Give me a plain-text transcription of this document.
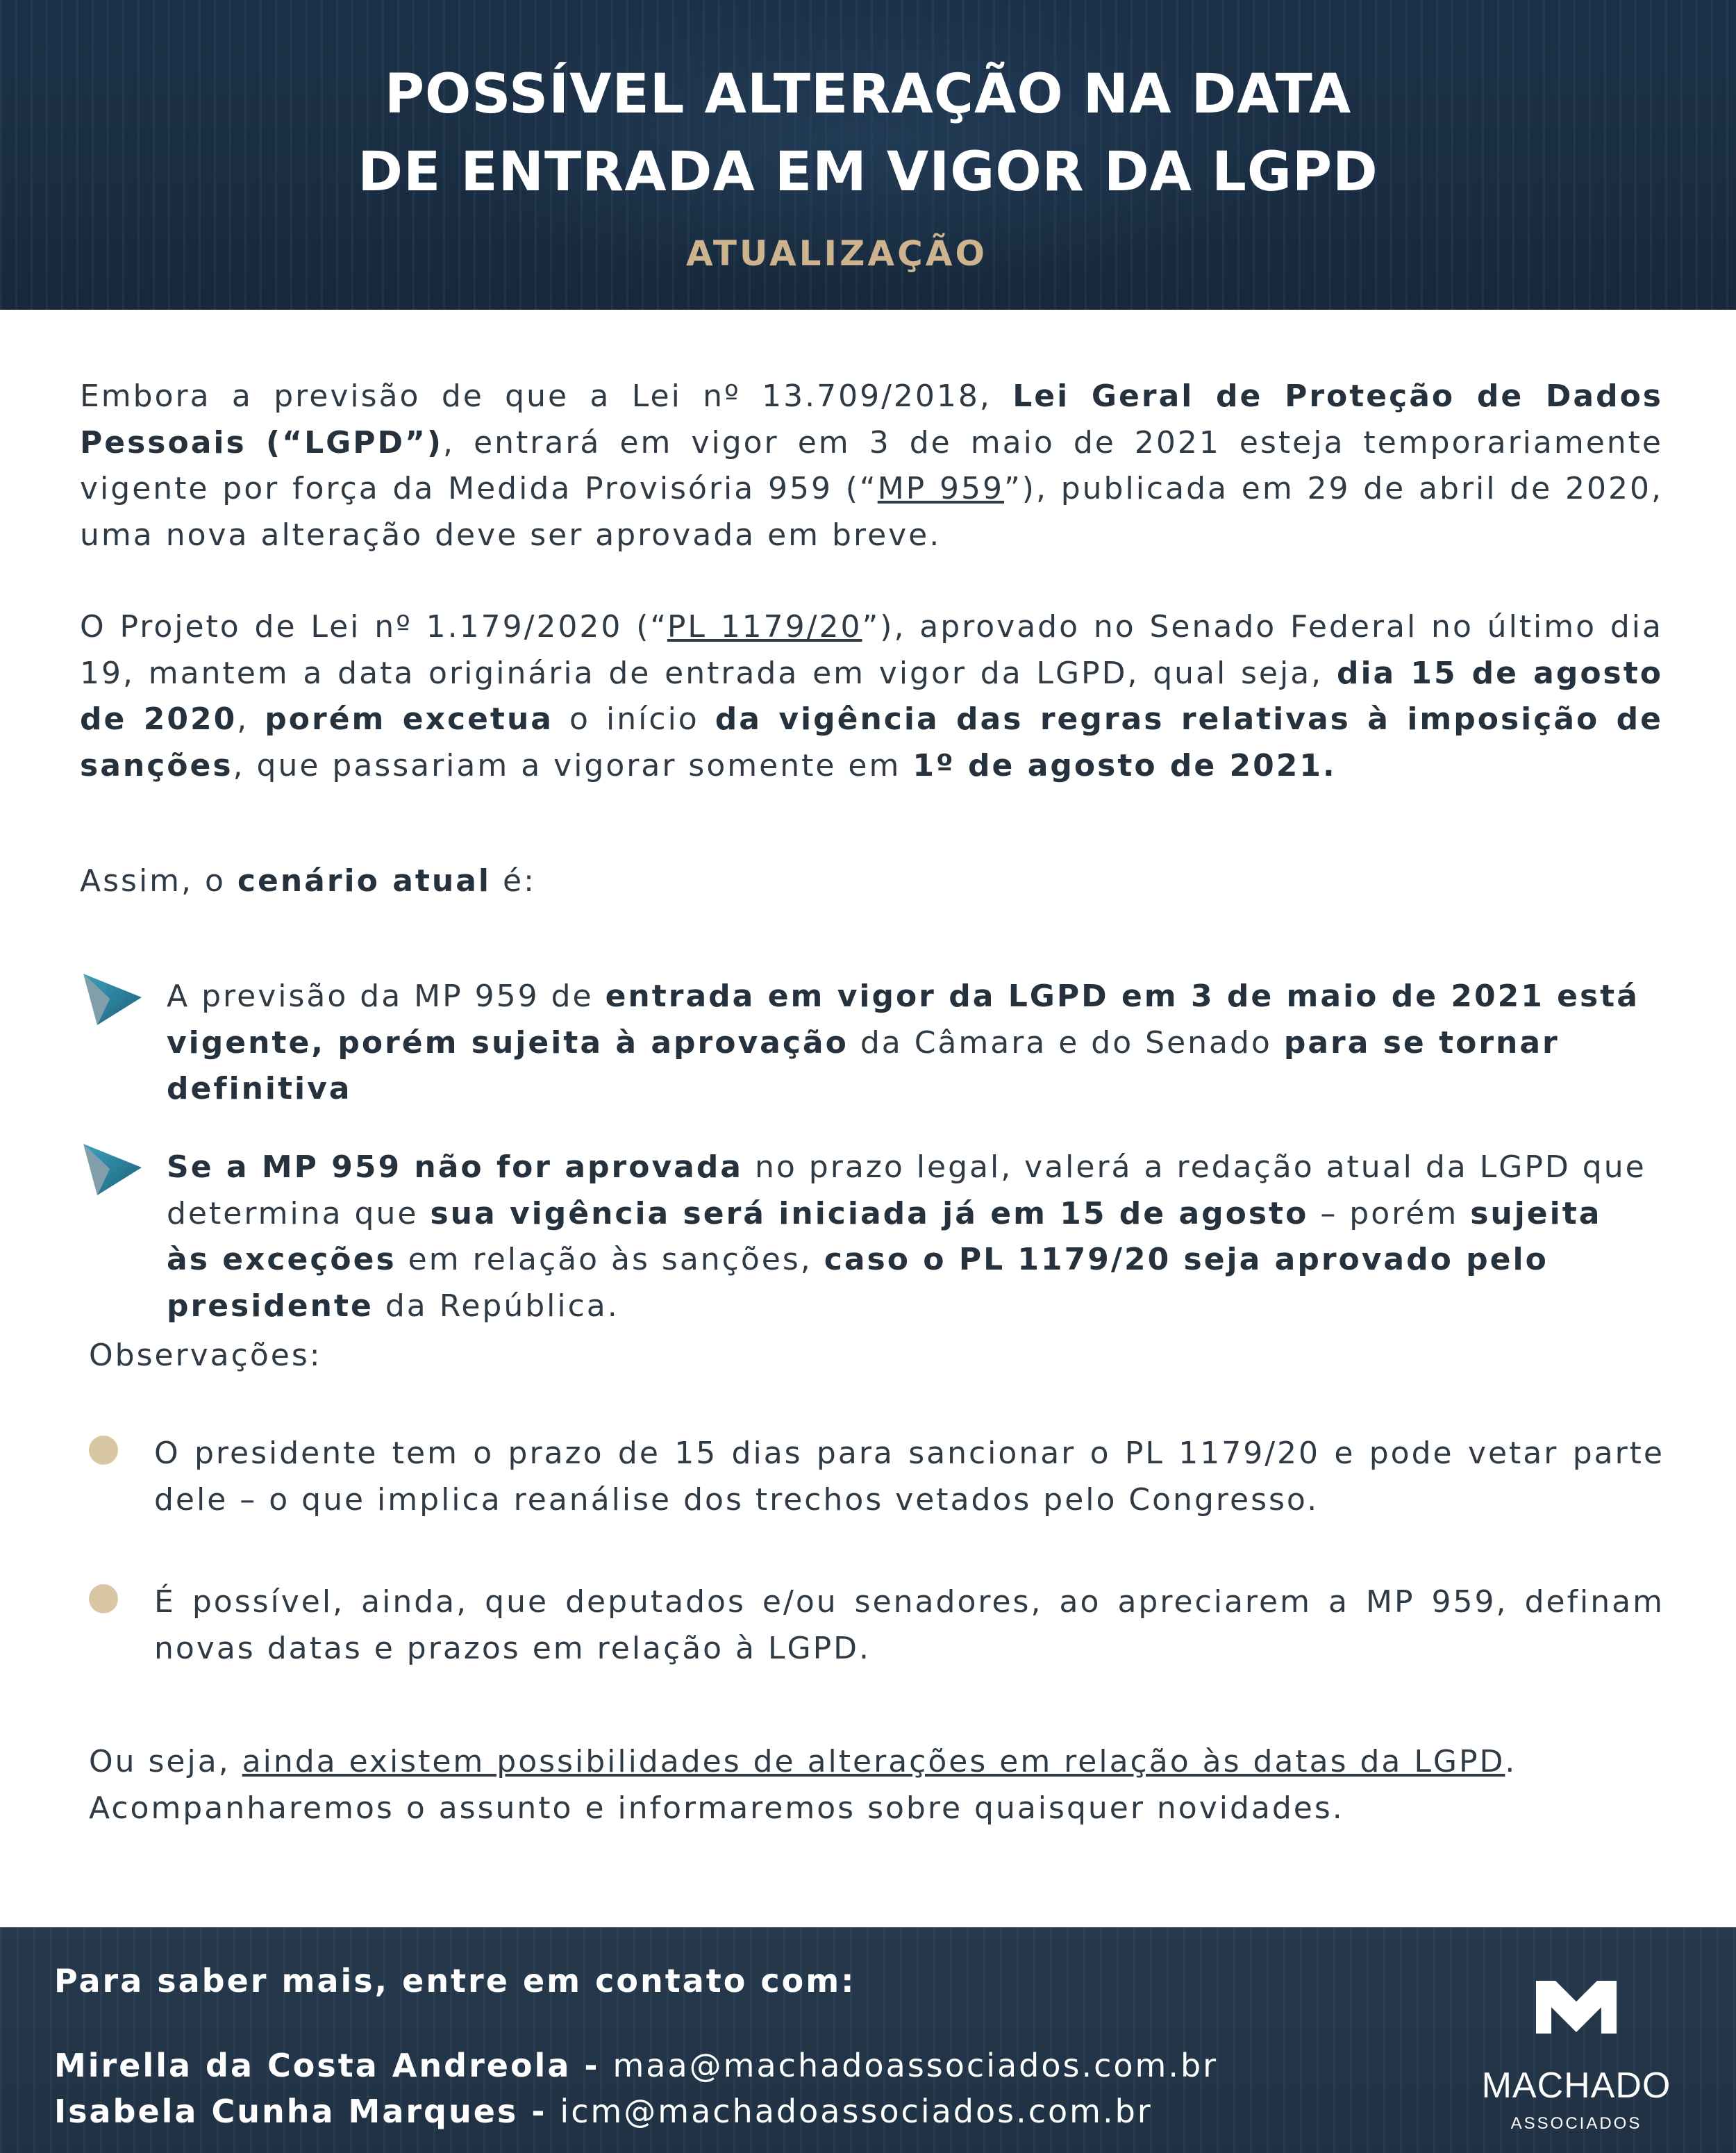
POSSÍVEL ALTERAÇÃO NA DATA
DE ENTRADA EM VIGOR DA LGPD
ATUALIZAÇÃO
Embora a previsão de que a Lei nº 13.709/2018, Lei Geral de Proteção de Dados Pessoais (“LGPD”), entrará em vigor em 3 de maio de 2021 esteja temporariamente vigente por força da Medida Provisória 959 (“MP 959”), publicada em 29 de abril de 2020, uma nova alteração deve ser aprovada em breve.
O Projeto de Lei nº 1.179/2020 (“PL 1179/20”), aprovado no Senado Federal no último dia 19, mantem a data originária de entrada em vigor da LGPD, qual seja, dia 15 de agosto de 2020, porém excetua o início da vigência das regras relativas à imposição de sanções, que passariam a vigorar somente em 1º de agosto de 2021.
Assim, o cenário atual é:
A previsão da MP 959 de entrada em vigor da LGPD em 3 de maio de 2021 está vigente, porém sujeita à aprovação da Câmara e do Senado para se tornar definitiva
Se a MP 959 não for aprovada no prazo legal, valerá a redação atual da LGPD que determina que sua vigência será iniciada já em 15 de agosto – porém sujeita às exceções em relação às sanções, caso o PL 1179/20 seja aprovado pelo presidente da República.
Observações:
O presidente tem o prazo de 15 dias para sancionar o PL 1179/20 e pode vetar parte dele – o que implica reanálise dos trechos vetados pelo Congresso.
É possível, ainda, que deputados e/ou senadores, ao apreciarem a MP 959, definam novas datas e prazos em relação à LGPD.
Ou seja, ainda existem possibilidades de alterações em relação às datas da LGPD. Acompanharemos o assunto e informaremos sobre quaisquer novidades.
Para saber mais, entre em contato com:
Mirella da Costa Andreola - maa@machadoassociados.com.br
Isabela Cunha Marques - icm@machadoassociados.com.br
MACHADO
ASSOCIADOS
